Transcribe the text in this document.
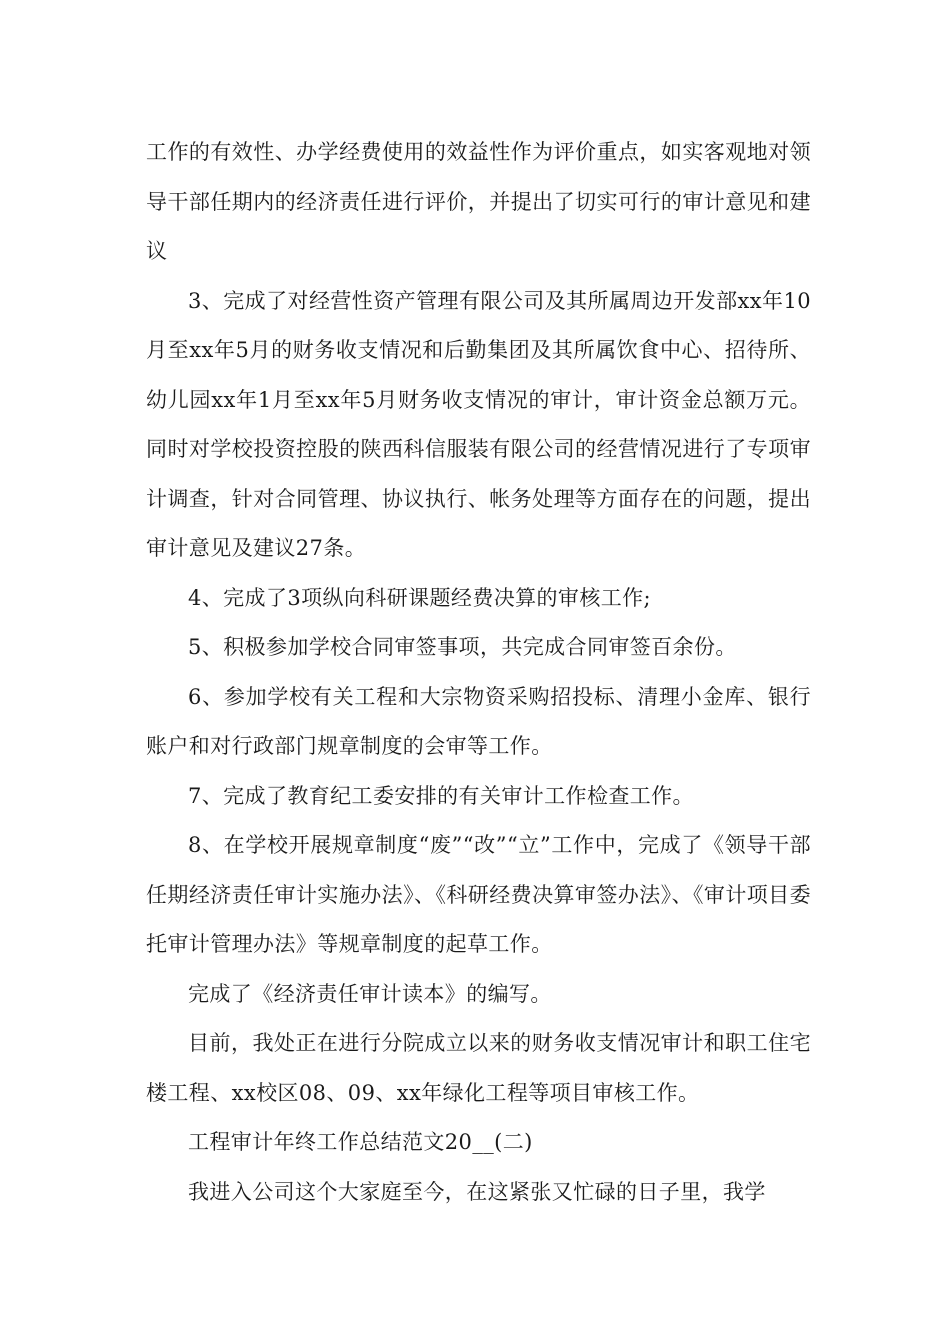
工作的有效性、办学经费使用的效益性作为评价重点，如实客观地对领导干部任期内的经济责任进行评价，并提出了切实可行的审计意见和建议

3、完成了对经营性资产管理有限公司及其所属周边开发部xx年10月至xx年5月的财务收支情况和后勤集团及其所属饮食中心、招待所、幼儿园xx年1月至xx年5月财务收支情况的审计，审计资金总额万元。同时对学校投资控股的陕西科信服装有限公司的经营情况进行了专项审计调查，针对合同管理、协议执行、帐务处理等方面存在的问题，提出审计意见及建议27条。

4、完成了3项纵向科研课题经费决算的审核工作;

5、积极参加学校合同审签事项，共完成合同审签百余份。

6、参加学校有关工程和大宗物资采购招投标、清理小金库、银行账户和对行政部门规章制度的会审等工作。

7、完成了教育纪工委安排的有关审计工作检查工作。

8、在学校开展规章制度“废”“改”“立”工作中，完成了《领导干部任期经济责任审计实施办法》、《科研经费决算审签办法》、《审计项目委托审计管理办法》等规章制度的起草工作。

完成了《经济责任审计读本》的编写。

目前，我处正在进行分院成立以来的财务收支情况审计和职工住宅楼工程、xx校区08、09、xx年绿化工程等项目审核工作。

工程审计年终工作总结范文20__(二)

我进入公司这个大家庭至今，在这紧张又忙碌的日子里，我学
